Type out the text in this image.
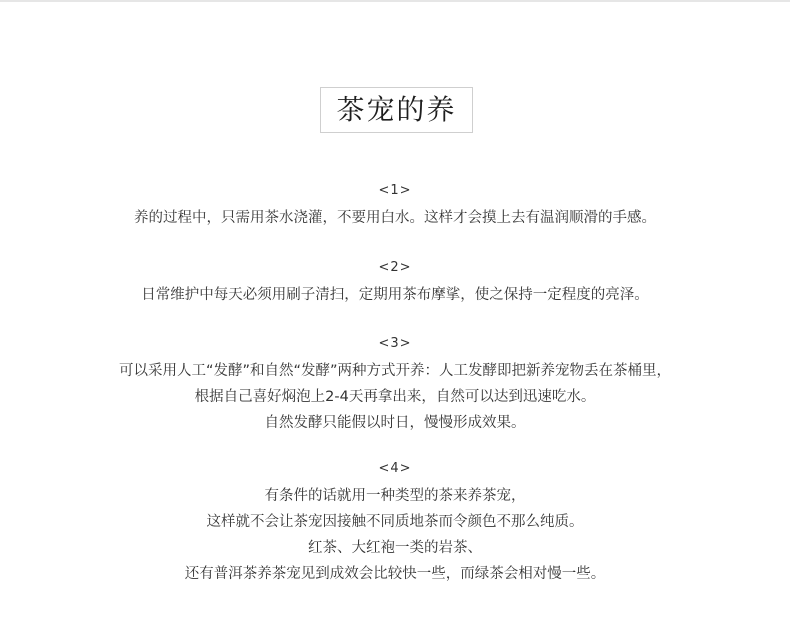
茶宠的养
<1>
养的过程中，只需用茶水浇灌，不要用白水。这样才会摸上去有温润顺滑的手感。
<2>
日常维护中每天必须用刷子清扫，定期用茶布摩挲，使之保持一定程度的亮泽。
<3>
可以采用人工“发酵”和自然“发酵”两种方式开养：人工发酵即把新养宠物丢在茶桶里，
根据自己喜好焖泡上2-4天再拿出来，自然可以达到迅速吃水。
自然发酵只能假以时日，慢慢形成效果。
<4>
有条件的话就用一种类型的茶来养茶宠，
这样就不会让茶宠因接触不同质地茶而令颜色不那么纯质。
红茶、大红袍一类的岩茶、
还有普洱茶养茶宠见到成效会比较快一些，而绿茶会相对慢一些。
